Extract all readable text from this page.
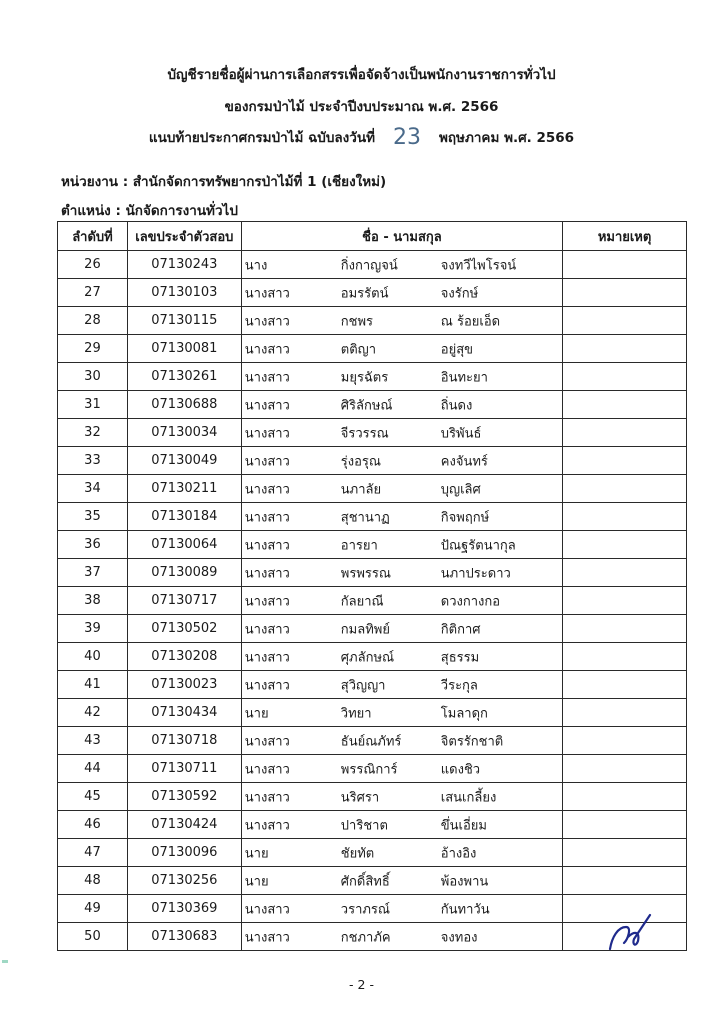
บัญชีรายชื่อผู้ผ่านการเลือกสรรเพื่อจัดจ้างเป็นพนักงานราชการทั่วไป
ของกรมป่าไม้ ประจำปีงบประมาณ พ.ศ. 2566
แนบท้ายประกาศกรมป่าไม้ ฉบับลงวันที่ 23 พฤษภาคม พ.ศ. 2566
หน่วยงาน : สำนักจัดการทรัพยากรป่าไม้ที่ 1 (เชียงใหม่)
ตำแหน่ง : นักจัดการงานทั่วไป
ลำดับที่	เลขประจำตัวสอบ	ชื่อ - นามสกุล	หมายเหตุ
26	07130243	นาง กิ่งกาญจน์ จงทวีไพโรจน์	

27	07130103	นางสาว อมรรัตน์ จงรักษ์	

28	07130115	นางสาว กชพร ณ ร้อยเอ็ด	

29	07130081	นางสาว ตติญา อยู่สุข	

30	07130261	นางสาว มยุรฉัตร อินทะยา	

31	07130688	นางสาว ศิริลักษณ์ ถิ่นดง	

32	07130034	นางสาว จีรวรรณ บริพันธ์	

33	07130049	นางสาว รุ่งอรุณ คงจันทร์	

34	07130211	นางสาว นภาลัย บุญเลิศ	

35	07130184	นางสาว สุชานาฏ กิจพฤกษ์	

36	07130064	นางสาว อารยา ปัณฐรัตนากุล	

37	07130089	นางสาว พรพรรณ นภาประดาว	

38	07130717	นางสาว กัลยาณี ดวงกางกอ	

39	07130502	นางสาว กมลทิพย์ กิติกาศ	

40	07130208	นางสาว ศุภลักษณ์ สุธรรม	

41	07130023	นางสาว สุวิญญา วีระกุล	

42	07130434	นาย วิทยา โมลาดุก	

43	07130718	นางสาว ธันย์ณภัทร์ จิตรรักชาติ	

44	07130711	นางสาว พรรณิการ์ แดงชิว	

45	07130592	นางสาว นริศรา เสนเกลี้ยง	

46	07130424	นางสาว ปาริชาต ขึ่นเอี่ยม	

47	07130096	นาย ชัยทัต อ้างอิง	

48	07130256	นาย ศักดิ์สิทธิ์ พ้องพาน	

49	07130369	นางสาว วราภรณ์ กันทาวัน	

50	07130683	นางสาว กชภาภัค จงทอง	

- 2 -
